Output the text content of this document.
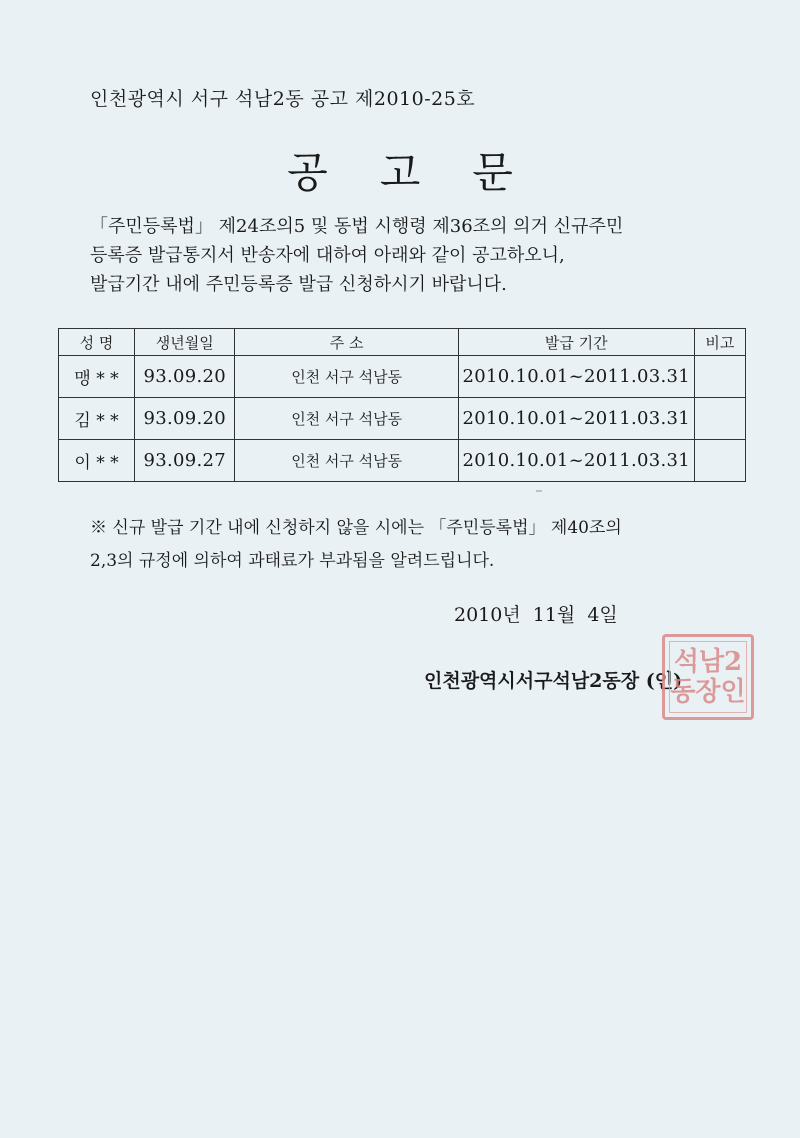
인천광역시 서구 석남2동 공고 제2010-25호
공고문
「주민등록법」 제24조의5 및 동법 시행령 제36조의 의거 신규주민
등록증 발급통지서 반송자에 대하여 아래와 같이 공고하오니,
발급기간 내에 주민등록증 발급 신청하시기 바랍니다.
성 명	생년월일	주 소	발급 기간	비고
맹 * *	93.09.20	인천 서구 석남동	2010.10.01~2011.03.31	
김 * *	93.09.20	인천 서구 석남동	2010.10.01~2011.03.31	
이 * *	93.09.27	인천 서구 석남동	2010.10.01~2011.03.31	
※ 신규 발급 기간 내에 신청하지 않을 시에는 「주민등록법」 제40조의
2,3의 규정에 의하여 과태료가 부과됨을 알려드립니다.
2010년 11월 4일
인천광역시서구석남2동장 (인)
석남2동장인
